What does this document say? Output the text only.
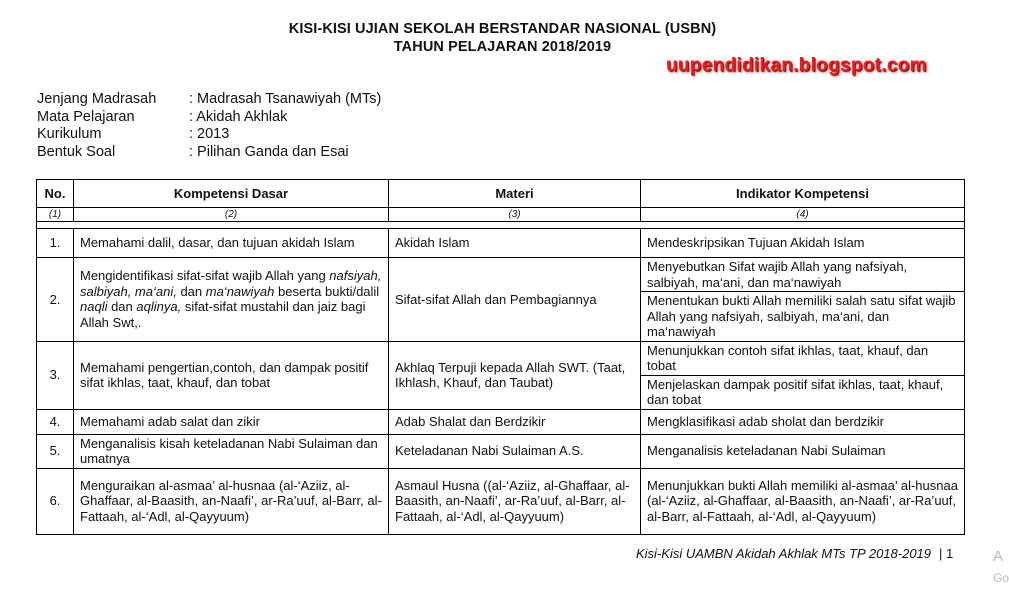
KISI-KISI UJIAN SEKOLAH BERSTANDAR NASIONAL (USBN)
TAHUN PELAJARAN 2018/2019
uupendidikan.blogspot.com
Jenjang Madrasah	: Madrasah Tsanawiyah (MTs)
Mata Pelajaran	: Akidah Akhlak
Kurikulum	: 2013
Bentuk Soal	: Pilihan Ganda dan Esai
No.	Kompetensi Dasar	Materi	Indikator Kompetensi
(1)	(2)	(3)	(4)

1.	Memahami dalil, dasar, dan tujuan akidah Islam	Akidah Islam	Mendeskripsikan Tujuan Akidah Islam
2.	Mengidentifikasi sifat-sifat wajib Allah yang nafsiyah, salbiyah, ma‘ani, dan ma‘nawiyah beserta bukti/dalil naqli dan aqlinya, sifat-sifat mustahil dan jaiz bagi Allah Swt,.	Sifat-sifat Allah dan Pembagiannya	Menyebutkan Sifat wajib Allah yang nafsiyah, salbiyah, ma‘ani, dan ma‘nawiyah
			Menentukan bukti Allah memiliki salah satu sifat wajib Allah yang nafsiyah, salbiyah, ma‘ani, dan ma‘nawiyah
3.	Memahami pengertian,contoh, dan dampak positif sifat ikhlas, taat, khauf, dan tobat	Akhlaq Terpuji kepada Allah SWT. (Taat, Ikhlash, Khauf, dan Taubat)	Menunjukkan contoh sifat ikhlas, taat, khauf, dan tobat
			Menjelaskan dampak positif sifat ikhlas, taat, khauf, dan tobat
4.	Memahami adab salat dan zikir	Adab Shalat dan Berdzikir	Mengklasifikasi adab sholat dan berdzikir
5.	Menganalisis kisah keteladanan Nabi Sulaiman dan umatnya	Keteladanan Nabi Sulaiman A.S.	Menganalisis keteladanan Nabi Sulaiman
6.	Menguraikan al-asmaa’ al-husnaa (al-‘Aziiz, al-Ghaffaar, al-Baasith, an-Naafi’, ar-Ra’uuf, al-Barr, al-Fattaah, al-‘Adl, al-Qayyuum)	Asmaul Husna ((al-‘Aziiz, al-Ghaffaar, al-Baasith, an-Naafi’, ar-Ra’uuf, al-Barr, al-Fattaah, al-‘Adl, al-Qayyuum)	Menunjukkan bukti Allah memiliki al-asmaa’ al-husnaa (al-‘Aziiz, al-Ghaffaar, al-Baasith, an-Naafi’, ar-Ra’uuf, al-Barr, al-Fattaah, al-‘Adl, al-Qayyuum)
Kisi-Kisi UAMBN Akidah Akhlak MTs TP 2018-2019 | 1	A
Go
